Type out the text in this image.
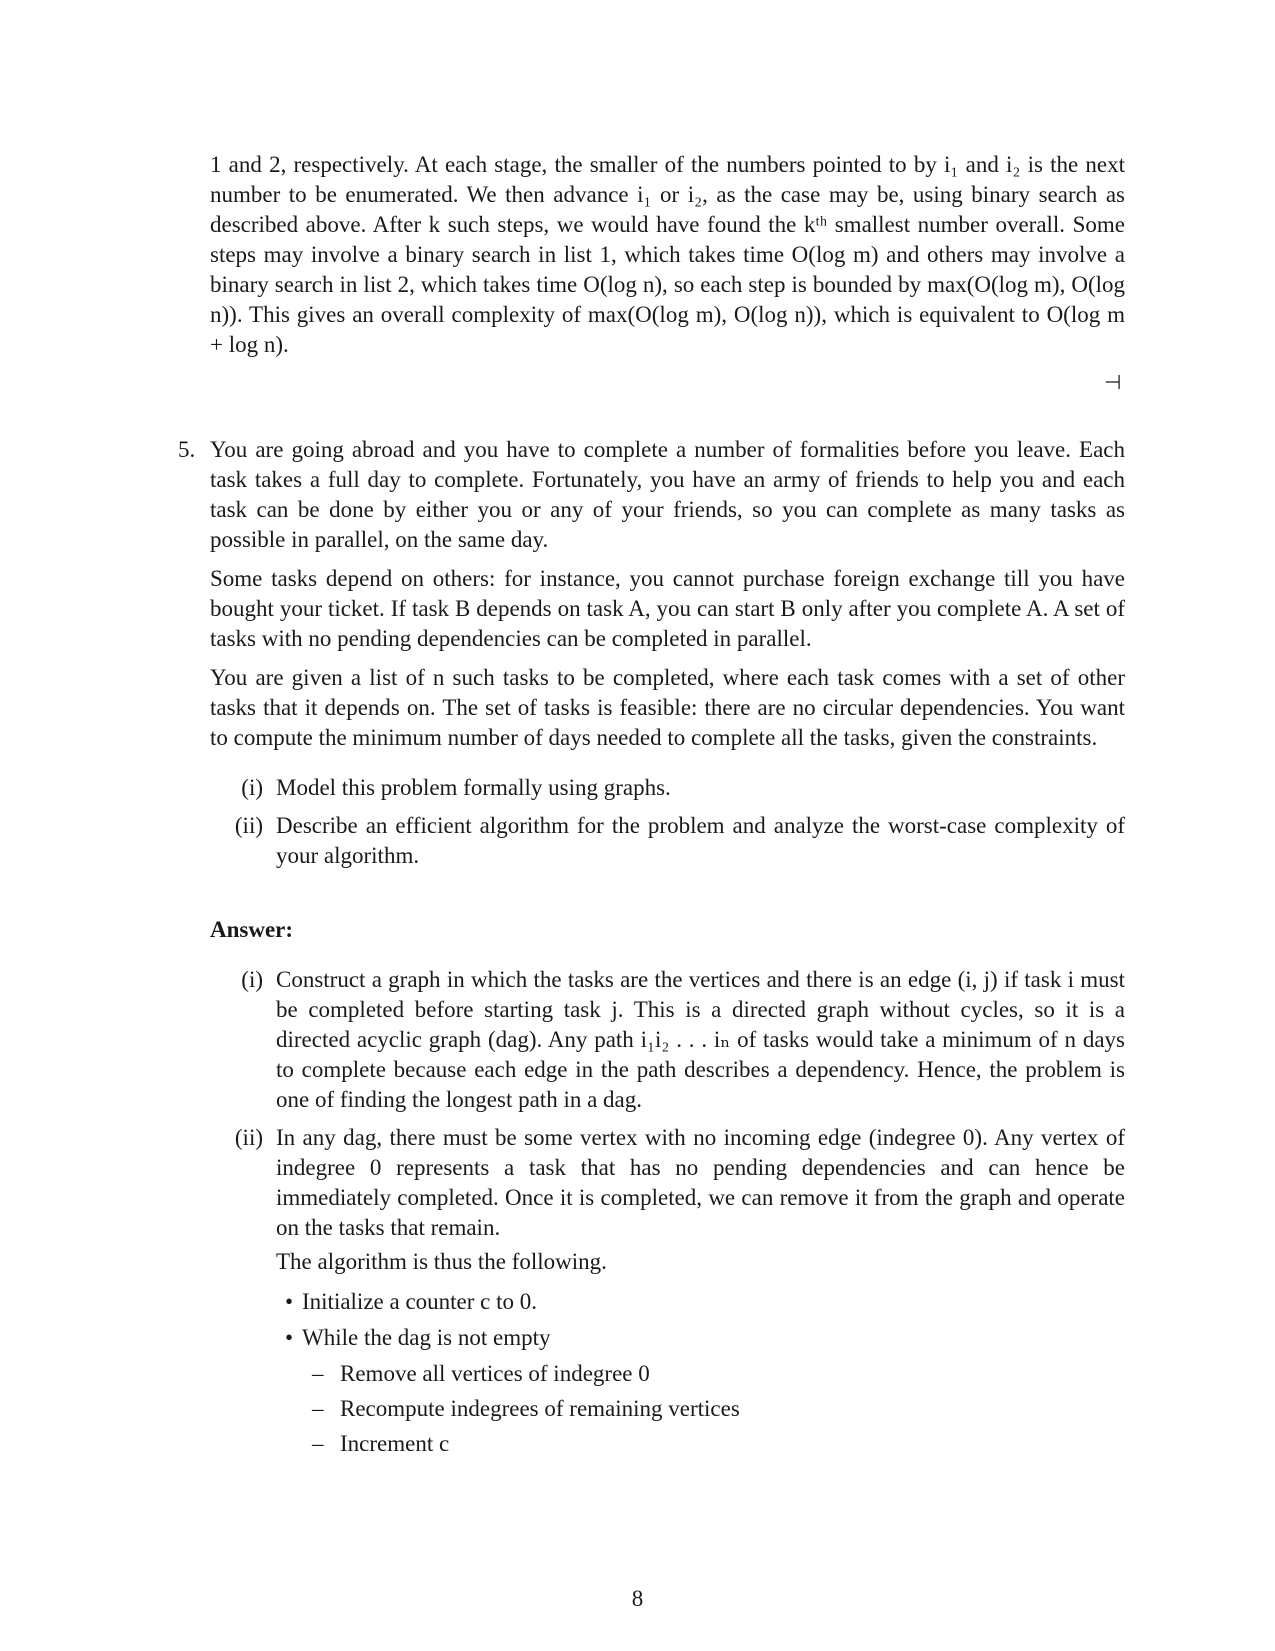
1 and 2, respectively. At each stage, the smaller of the numbers pointed to by i₁ and i₂ is the next number to be enumerated. We then advance i₁ or i₂, as the case may be, using binary search as described above. After k such steps, we would have found the kᵗʰ smallest number overall. Some steps may involve a binary search in list 1, which takes time O(log m) and others may involve a binary search in list 2, which takes time O(log n), so each step is bounded by max(O(log m), O(log n)). This gives an overall complexity of max(O(log m), O(log n)), which is equivalent to O(log m + log n).
⊣
5. You are going abroad and you have to complete a number of formalities before you leave. Each task takes a full day to complete. Fortunately, you have an army of friends to help you and each task can be done by either you or any of your friends, so you can complete as many tasks as possible in parallel, on the same day.

Some tasks depend on others: for instance, you cannot purchase foreign exchange till you have bought your ticket. If task B depends on task A, you can start B only after you complete A. A set of tasks with no pending dependencies can be completed in parallel.

You are given a list of n such tasks to be completed, where each task comes with a set of other tasks that it depends on. The set of tasks is feasible: there are no circular dependencies. You want to compute the minimum number of days needed to complete all the tasks, given the constraints.

(i) Model this problem formally using graphs.
(ii) Describe an efficient algorithm for the problem and analyze the worst-case complexity of your algorithm.
Answer:
(i) Construct a graph in which the tasks are the vertices and there is an edge (i, j) if task i must be completed before starting task j. This is a directed graph without cycles, so it is a directed acyclic graph (dag). Any path i₁i₂ . . . iₙ of tasks would take a minimum of n days to complete because each edge in the path describes a dependency. Hence, the problem is one of finding the longest path in a dag.
(ii) In any dag, there must be some vertex with no incoming edge (indegree 0). Any vertex of indegree 0 represents a task that has no pending dependencies and can hence be immediately completed. Once it is completed, we can remove it from the graph and operate on the tasks that remain.
The algorithm is thus the following.
• Initialize a counter c to 0.
• While the dag is not empty
– Remove all vertices of indegree 0
– Recompute indegrees of remaining vertices
– Increment c
8
